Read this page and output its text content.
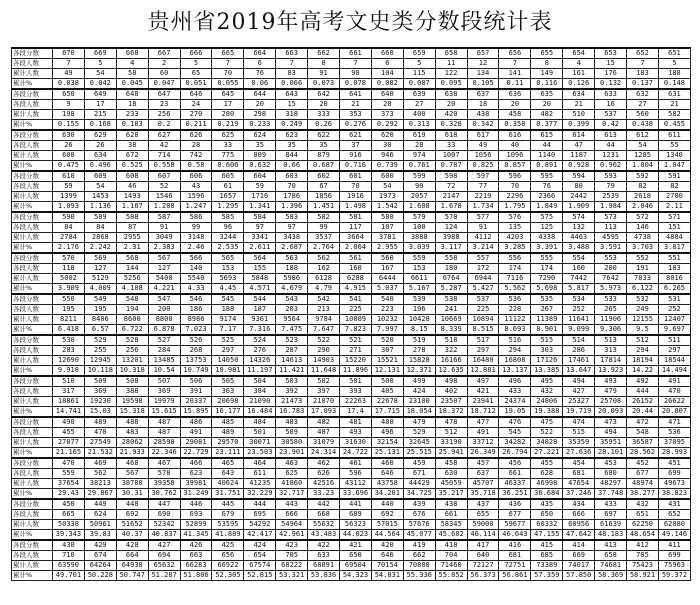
贵州省2019年高考文史类分数段统计表
各段分数	670	669	668	667	666	665	664	663	662	661	660	659	658	657	656	655	654	653	652	651
各段人数	7	5	4	2	5	7	6	7	8	7	6	5	11	12	7	8	4	15	7	5
累计人数	49	54	58	60	65	70	76	83	91	98	104	115	122	134	141	149	161	176	183	188
累计%	0.038	0.042	0.045	0.047	0.051	0.055	0.06	0.066	0.073	0.078	0.082	0.087	0.095	0.105	0.11	0.116	0.126	0.132	0.137	0.148
各段分数	650	649	648	647	646	645	644	643	642	641	640	639	638	637	636	635	634	633	632	631
各段人数	9	17	18	23	24	17	20	15	20	21	20	27	20	18	20	20	21	16	27	21
累计人数	198	215	233	256	270	280	298	318	333	353	373	400	420	438	458	482	510	537	560	582
累计%	0.155	0.168	0.183	0.2	0.211	0.219	0.233	0.249	0.26	0.276	0.292	0.313	0.328	0.342	0.358	0.377	0.399	0.42	0.438	0.455
各段分数	630	629	628	627	626	625	624	623	622	621	620	619	618	617	616	615	614	613	612	611
各段人数	26	26	38	42	28	33	35	35	35	37	30	28	33	49	40	44	47	44	54	55
累计人数	608	634	672	714	742	775	809	844	879	916	946	974	1007	1056	1096	1140	1187	1231	1285	1340
累计%	0.475	0.496	0.525	0.558	0.58	0.606	0.632	0.66	0.687	0.716	0.739	0.761	0.787	0.825	0.857	0.891	0.928	0.962	1.004	1.047
各段分数	610	609	608	607	606	605	604	603	602	601	600	599	598	597	596	595	594	593	592	591
各段人数	59	54	46	52	43	61	59	70	67	70	54	90	72	77	70	76	80	79	82	82
累计人数	1399	1453	1493	1546	1596	1657	1716	1786	1856	1916	1973	2057	2147	2219	2296	2366	2442	2539	2618	2700
累计%	1.093	1.136	1.167	1.208	1.247	1.295	1.341	1.396	1.451	1.498	1.542	1.608	1.678	1.734	1.795	1.849	1.909	1.984	2.046	2.11
各段分数	590	589	588	587	586	585	584	583	582	581	580	579	578	577	576	575	574	573	572	571
各段人数	84	84	87	91	99	96	97	97	99	117	107	100	124	91	135	125	132	113	146	151
累计人数	2784	2868	2955	3049	3148	3244	3341	3438	3537	3664	3781	3888	3988	4112	4203	4338	4463	4595	4738	4884
累计%	2.176	2.242	2.31	2.383	2.46	2.535	2.611	2.687	2.764	2.864	2.955	3.039	3.117	3.214	3.285	3.391	3.488	3.591	3.703	3.817
各段分数	570	569	568	567	566	565	564	563	562	561	560	559	558	557	556	555	554	553	552	551
各段人数	118	127	144	127	140	153	155	188	162	160	167	153	180	172	174	174	160	200	191	183
累计人数	5002	5129	5256	5400	5540	5693	5848	5986	6128	6288	6444	6611	6764	6944	7116	7290	7442	7642	7833	8016
累计%	3.909	4.009	4.108	4.221	4.33	4.45	4.571	4.679	4.79	4.915	5.037	5.167	5.287	5.427	5.562	5.698	5.817	5.973	6.122	6.265
各段分数	550	549	548	547	546	545	544	543	542	541	540	539	538	537	536	535	534	533	532	531
各段人数	195	195	194	200	186	188	187	203	213	225	223	196	241	225	228	267	252	265	249	252
累计人数	8211	8406	8600	8800	8986	9174	9361	9564	9784	10009	10232	10428	10669	10894	11122	11389	11641	11906	12155	12407
累计%	6.418	6.57	6.722	6.878	7.023	7.17	7.316	7.475	7.647	7.823	7.997	8.15	8.339	8.515	8.693	8.901	9.099	9.306	9.5	9.697
各段分数	530	529	528	527	526	525	524	523	522	521	520	519	518	517	516	515	514	513	512	511
各段人数	283	255	256	284	268	297	276	287	290	271	307	278	322	297	294	303	286	313	294	297
累计人数	12690	12945	13201	13485	13753	14050	14326	14613	14903	15220	15521	15828	16166	16480	16808	17126	17461	17814	18194	18544
累计%	9.918	10.118	10.318	10.54	10.749	10.981	11.197	11.421	11.648	11.896	12.131	12.371	12.635	12.881	13.137	13.385	13.647	13.923	14.22	14.494
各段分数	510	509	508	507	506	505	504	503	502	501	500	499	498	497	496	495	494	493	492	491
各段人数	317	369	388	369	391	363	384	392	397	393	405	424	402	421	433	432	427	479	444	470
累计人数	18861	19230	19598	19979	20337	20698	21090	21473	21870	22263	22678	23100	23507	23941	24374	24806	25327	25708	26152	26622
累计%	14.741	15.03	15.318	15.615	15.895	16.177	16.484	16.783	17.093	17.4	17.715	18.054	18.372	18.712	19.05	19.388	19.719	20.093	20.44	20.807
各段分数	490	489	488	487	486	485	484	483	482	481	480	479	478	477	476	475	474	473	472	471
各段人数	455	470	483	487	491	489	501	509	487	493	496	529	512	491	545	522	515	494	548	536
累计人数	27077	27549	28062	28590	29081	29570	30071	30580	31079	31630	32154	32645	33190	33712	34282	34828	35359	35951	36587	37095
累计%	21.165	21.532	21.933	22.346	22.729	23.111	23.503	23.901	24.314	24.722	25.131	25.515	25.941	26.349	26.794	27.221	27.636	28.101	28.562	28.993
各段分数	470	469	468	467	466	465	464	463	462	461	460	459	458	457	456	455	454	453	452	451
各段人数	559	562	567	578	623	643	611	625	626	596	646	671	630	637	661	628	681	680	677	699
累计人数	37654	38213	38780	39358	39981	40624	41235	41860	42516	43112	43758	44429	45059	45707	46337	46998	47654	48297	48974	49673
累计%	29.43	29.867	30.31	30.762	31.249	31.751	32.229	32.717	33.23	33.696	34.201	34.725	35.217	35.718	36.251	36.684	37.246	37.748	38.277	38.823
各段分数	450	449	448	447	446	445	444	443	442	441	440	439	438	437	436	435	434	433	432	431
各段人数	665	624	692	690	693	679	695	666	668	689	692	676	661	655	677	650	666	697	651	652
累计人数	50338	50961	51652	52342	52899	53595	54292	54964	55632	56323	57015	57676	58345	59000	59677	60332	60956	61639	62250	62880
累计%	39.343	39.83	40.37	40.837	41.345	41.889	42.417	42.961	43.483	44.023	44.564	45.077	45.602	46.114	46.643	47.155	47.642	48.183	48.654	49.146
各段分数	430	429	428	427	426	425	424	423	422	421	420	419	418	417	416	415	414	413	412	411
各段人数	710	674	664	694	663	656	654	705	633	650	646	662	704	640	681	685	669	658	705	699
累计人数	63590	64264	64938	65632	66283	66922	67574	68222	68891	69504	70154	70800	71460	72127	72751	73389	74017	74681	75423	75963
累计%	49.701	50.228	50.747	51.287	51.806	52.305	52.815	53.321	53.836	54.323	54.831	55.336	55.852	56.373	56.861	57.359	57.850	58.369	58.921	59.372
